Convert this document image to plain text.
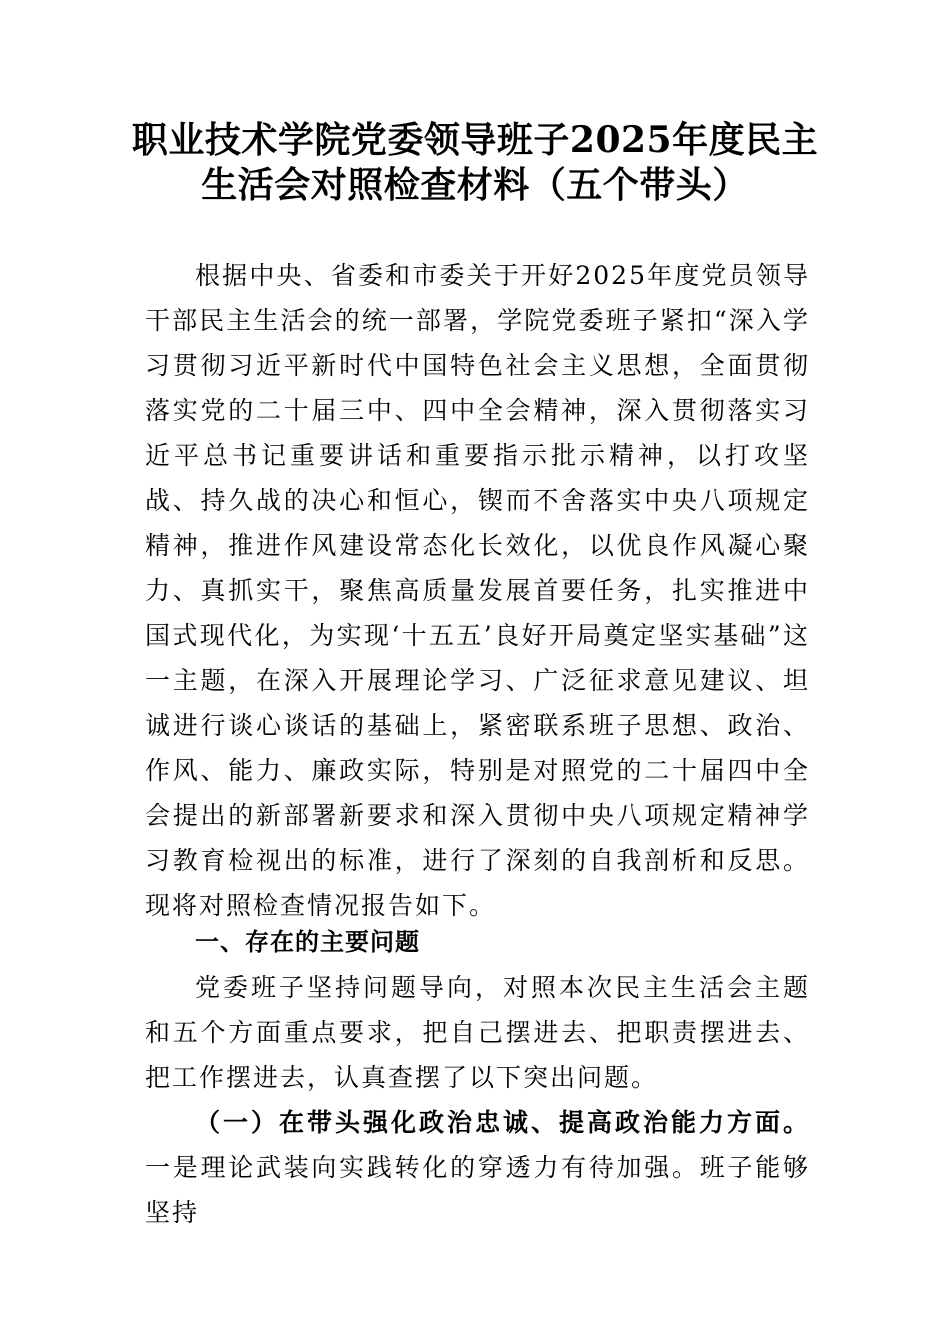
职业技术学院党委领导班子2025年度民主
生活会对照检查材料（五个带头）

根据中央、省委和市委关于开好2025年度党员领导干部民主生活会的统一部署，学院党委班子紧扣“深入学习贯彻习近平新时代中国特色社会主义思想，全面贯彻落实党的二十届三中、四中全会精神，深入贯彻落实习近平总书记重要讲话和重要指示批示精神，以打攻坚战、持久战的决心和恒心，锲而不舍落实中央八项规定精神，推进作风建设常态化长效化，以优良作风凝心聚力、真抓实干，聚焦高质量发展首要任务，扎实推进中国式现代化，为实现‘十五五’良好开局奠定坚实基础”这一主题，在深入开展理论学习、广泛征求意见建议、坦诚进行谈心谈话的基础上，紧密联系班子思想、政治、作风、能力、廉政实际，特别是对照党的二十届四中全会提出的新部署新要求和深入贯彻中央八项规定精神学习教育检视出的标准，进行了深刻的自我剖析和反思。现将对照检查情况报告如下。

一、存在的主要问题

党委班子坚持问题导向，对照本次民主生活会主题和五个方面重点要求，把自己摆进去、把职责摆进去、把工作摆进去，认真查摆了以下突出问题。

（一）在带头强化政治忠诚、提高政治能力方面。一是理论武装向实践转化的穿透力有待加强。班子能够坚持
